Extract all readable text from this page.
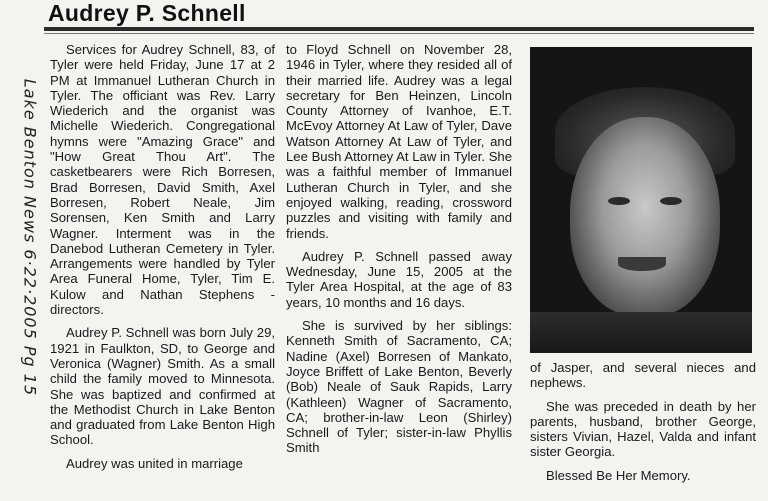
Audrey P. Schnell
Lake Benton News 6·22·2005 Pg 15

Services for Audrey Schnell, 83, of Tyler were held Friday, June 17 at 2 PM at Immanuel Lutheran Church in Tyler. The officiant was Rev. Larry Wiederich and the organist was Michelle Wiederich. Congregational hymns were "Amazing Grace" and "How Great Thou Art". The casketbearers were Rich Borresen, Brad Borresen, David Smith, Axel Borresen, Robert Neale, Jim Sorensen, Ken Smith and Larry Wagner. Interment was in the Danebod Lutheran Cemetery in Tyler. Arrangements were handled by Tyler Area Funeral Home, Tyler, Tim E. Kulow and Nathan Stephens - directors.

Audrey P. Schnell was born July 29, 1921 in Faulkton, SD, to George and Veronica (Wagner) Smith. As a small child the family moved to Minnesota. She was baptized and confirmed at the Methodist Church in Lake Benton and graduated from Lake Benton High School.

Audrey was united in marriage

to Floyd Schnell on November 28, 1946 in Tyler, where they resided all of their married life. Audrey was a legal secretary for Ben Heinzen, Lincoln County Attorney of Ivanhoe, E.T. McEvoy Attorney At Law of Tyler, Dave Watson Attorney At Law of Tyler, and Lee Bush Attorney At Law in Tyler. She was a faithful member of Immanuel Lutheran Church in Tyler, and she enjoyed walking, reading, crossword puzzles and visiting with family and friends.

Audrey P. Schnell passed away Wednesday, June 15, 2005 at the Tyler Area Hospital, at the age of 83 years, 10 months and 16 days.

She is survived by her siblings: Kenneth Smith of Sacramento, CA; Nadine (Axel) Borresen of Mankato, Joyce Briffett of Lake Benton, Beverly (Bob) Neale of Sauk Rapids, Larry (Kathleen) Wagner of Sacramento, CA; brother-in-law Leon (Shirley) Schnell of Tyler; sister-in-law Phyllis Smith

of Jasper, and several nieces and nephews.

She was preceded in death by her parents, husband, brother George, sisters Vivian, Hazel, Valda and infant sister Georgia.

Blessed Be Her Memory.
